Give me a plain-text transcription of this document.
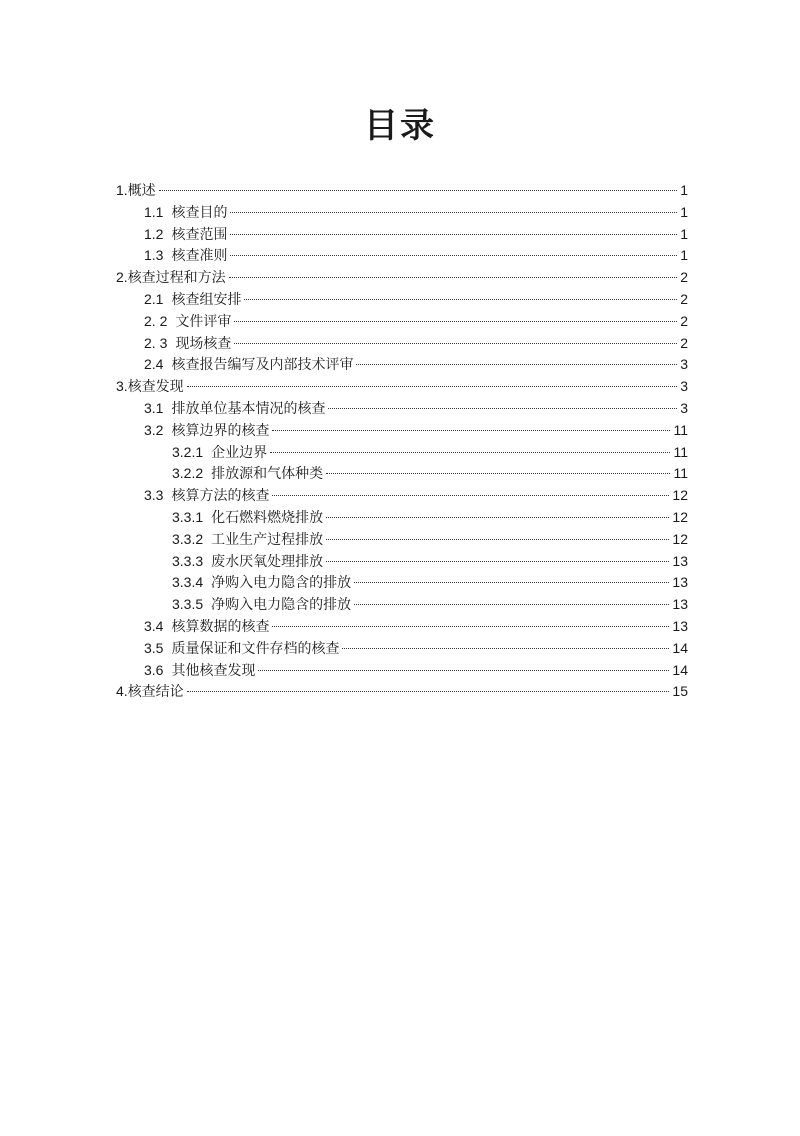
目录
1. 概述	1
1.1 核查目的	1
1.2 核查范围	1
1.3 核查准则	1
2. 核查过程和方法	2
2.1 核查组安排	2
2. 2 文件评审	2
2. 3 现场核查	2
2.4 核查报告编写及内部技术评审	3
3. 核查发现	3
3.1 排放单位基本情况的核查	3
3.2 核算边界的核查	11
3.2.1 企业边界	11
3.2.2 排放源和气体种类	11
3.3 核算方法的核查	12
3.3.1 化石燃料燃烧排放	12
3.3.2 工业生产过程排放	12
3.3.3 废水厌氧处理排放	13
3.3.4 净购入电力隐含的排放	13
3.3.5 净购入电力隐含的排放	13
3.4 核算数据的核查	13
3.5 质量保证和文件存档的核查	14
3.6 其他核查发现	14
4. 核查结论	15
